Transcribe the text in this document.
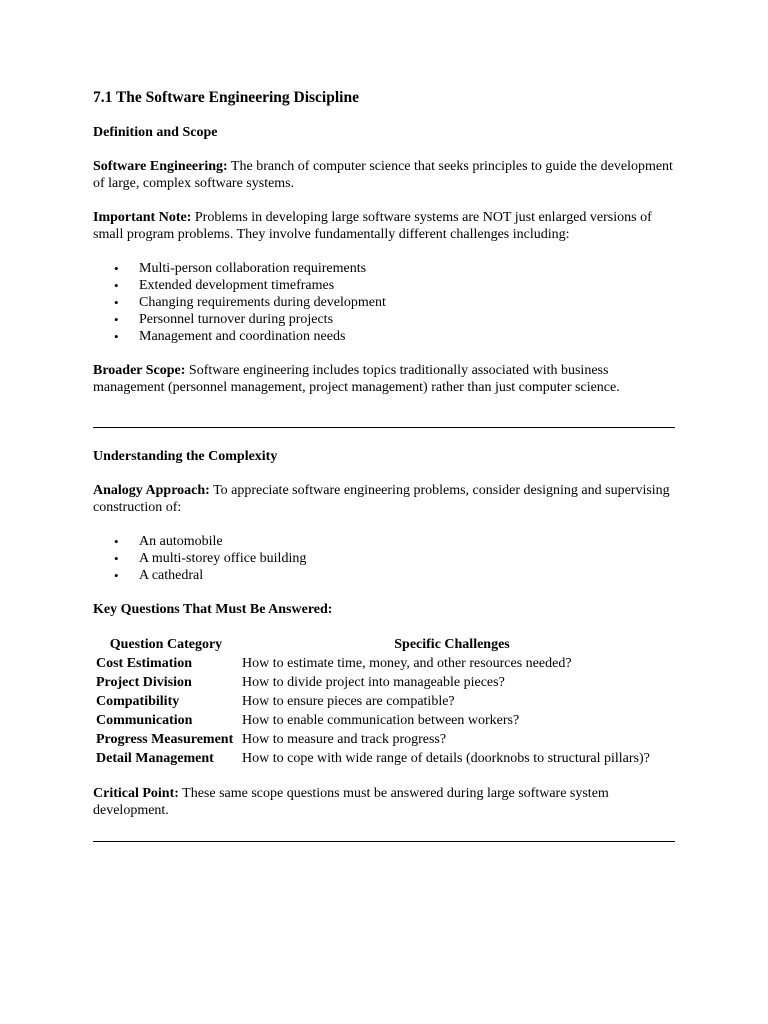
7.1 The Software Engineering Discipline
Definition and Scope

Software Engineering: The branch of computer science that seeks principles to guide the development of large, complex software systems.

Important Note: Problems in developing large software systems are NOT just enlarged versions of small program problems. They involve fundamentally different challenges including:

• Multi-person collaboration requirements
• Extended development timeframes
• Changing requirements during development
• Personnel turnover during projects
• Management and coordination needs

Broader Scope: Software engineering includes topics traditionally associated with business management (personnel management, project management) rather than just computer science.

Understanding the Complexity

Analogy Approach: To appreciate software engineering problems, consider designing and supervising construction of:

• An automobile
• A multi-storey office building
• A cathedral
Key Questions That Must Be Answered:
Question Category	Specific Challenges
Cost Estimation	How to estimate time, money, and other resources needed?
Project Division	How to divide project into manageable pieces?
Compatibility	How to ensure pieces are compatible?
Communication	How to enable communication between workers?
Progress Measurement	How to measure and track progress?
Detail Management	How to cope with wide range of details (doorknobs to structural pillars)?

Critical Point: These same scope questions must be answered during large software system development.
